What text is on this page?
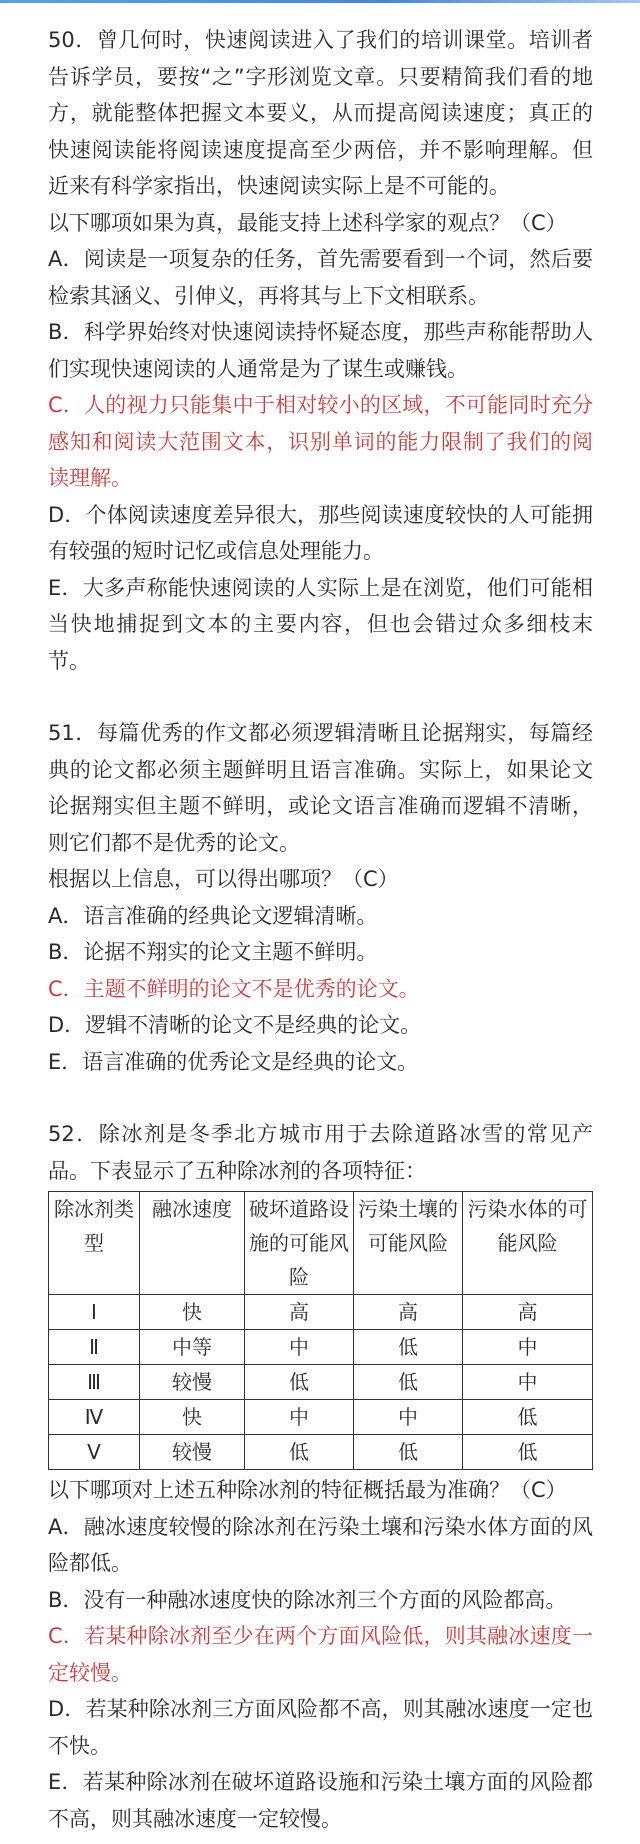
50．曾几何时，快速阅读进入了我们的培训课堂。培训者告诉学员，要按“之”字形浏览文章。只要精简我们看的地方，就能整体把握文本要义，从而提高阅读速度；真正的快速阅读能将阅读速度提高至少两倍，并不影响理解。但近来有科学家指出，快速阅读实际上是不可能的。

以下哪项如果为真，最能支持上述科学家的观点？（C）

A．阅读是一项复杂的任务，首先需要看到一个词，然后要检索其涵义、引伸义，再将其与上下文相联系。

B．科学界始终对快速阅读持怀疑态度，那些声称能帮助人们实现快速阅读的人通常是为了谋生或赚钱。

C．人的视力只能集中于相对较小的区域，不可能同时充分感知和阅读大范围文本，识别单词的能力限制了我们的阅读理解。

D．个体阅读速度差异很大，那些阅读速度较快的人可能拥有较强的短时记忆或信息处理能力。

E．大多声称能快速阅读的人实际上是在浏览，他们可能相当快地捕捉到文本的主要内容，但也会错过众多细枝末节。

51．每篇优秀的作文都必须逻辑清晰且论据翔实，每篇经典的论文都必须主题鲜明且语言准确。实际上，如果论文论据翔实但主题不鲜明，或论文语言准确而逻辑不清晰，则它们都不是优秀的论文。

根据以上信息，可以得出哪项？（C）

A．语言准确的经典论文逻辑清晰。

B．论据不翔实的论文主题不鲜明。

C．主题不鲜明的论文不是优秀的论文。

D．逻辑不清晰的论文不是经典的论文。

E．语言准确的优秀论文是经典的论文。

52．除冰剂是冬季北方城市用于去除道路冰雪的常见产品。下表显示了五种除冰剂的各项特征：

除冰剂类型	融冰速度	破坏道路设施的可能风险	污染土壤的可能风险	污染水体的可能风险
Ⅰ	快	高	高	高
Ⅱ	中等	中	低	中
Ⅲ	较慢	低	低	中
Ⅳ	快	中	中	低
Ⅴ	较慢	低	低	低

以下哪项对上述五种除冰剂的特征概括最为准确？（C）

A．融冰速度较慢的除冰剂在污染土壤和污染水体方面的风险都低。

B．没有一种融冰速度快的除冰剂三个方面的风险都高。

C．若某种除冰剂至少在两个方面风险低，则其融冰速度一定较慢。

D．若某种除冰剂三方面风险都不高，则其融冰速度一定也不快。

E．若某种除冰剂在破坏道路设施和污染土壤方面的风险都不高，则其融冰速度一定较慢。
